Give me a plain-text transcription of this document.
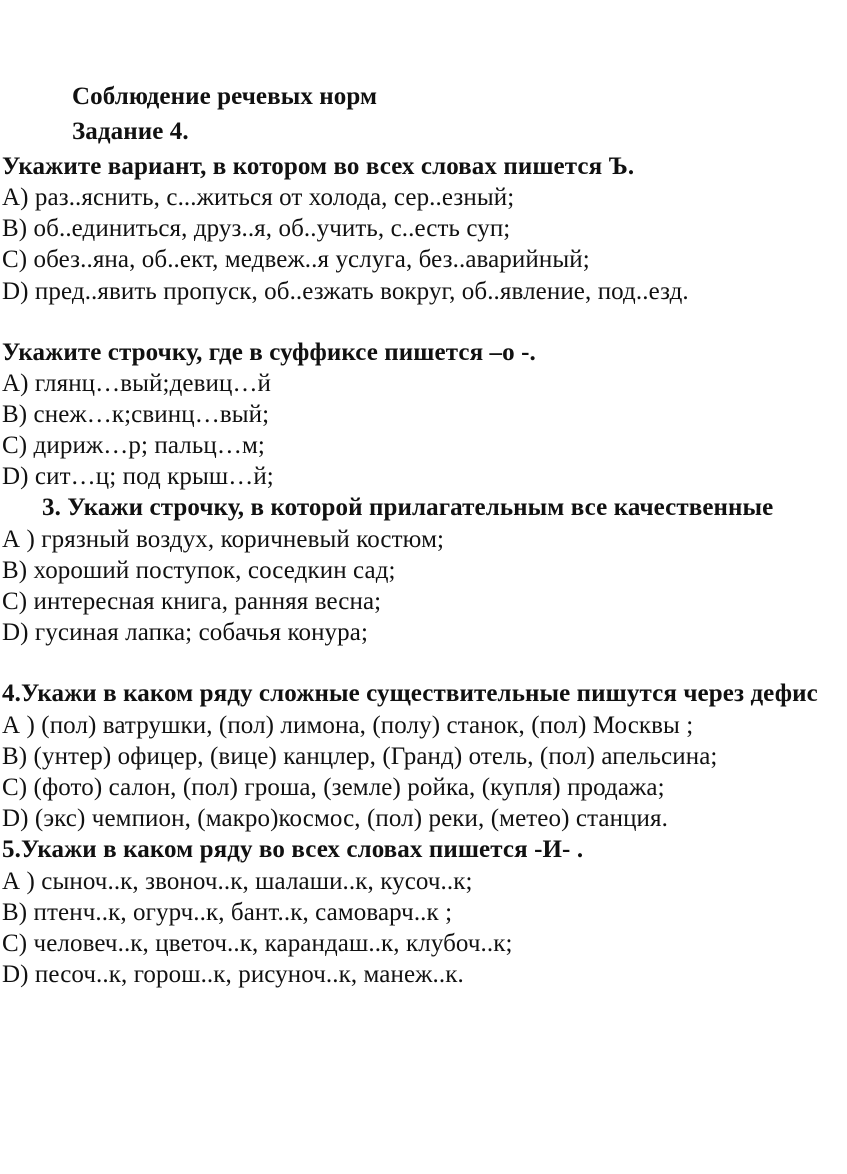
Соблюдение речевых норм
Задание 4.
Укажите вариант, в котором во всех словах пишется Ъ.
А) раз..яснить, с...житься от холода, сер..езный;
В) об..единиться, друз..я, об..учить, с..есть суп;
С) обез..яна, об..ект, медвеж..я услуга, без..аварийный;
D) пред..явить пропуск, об..езжать вокруг, об..явление, под..езд.
Укажите строчку, где в суффиксе пишется –о -.
А) глянц…вый;девиц…й
В) снеж…к;свинц…вый;
С) дириж…р; пальц…м;
D) сит…ц; под крыш…й;
3. Укажи строчку, в которой прилагательным все качественные
А ) грязный воздух, коричневый костюм;
В) хороший поступок, соседкин сад;
С) интересная книга, ранняя весна;
D) гусиная лапка; собачья конура;
4.Укажи в каком ряду сложные существительные пишутся через дефис
А ) (пол) ватрушки, (пол) лимона, (полу) станок, (пол) Москвы ;
В) (унтер) офицер, (вице) канцлер, (Гранд) отель, (пол) апельсина;
С) (фото) салон, (пол) гроша, (земле) ройка, (купля) продажа;
D) (экс) чемпион, (макро)космос, (пол) реки, (метео) станция.
5.Укажи в каком ряду во всех словах пишется -И- .
А ) сыноч..к, звоноч..к, шалаши..к, кусоч..к;
В) птенч..к, огурч..к, бант..к, самоварч..к ;
С) человеч..к, цветоч..к, карандаш..к, клубоч..к;
D) песоч..к, горош..к, рисуноч..к, манеж..к.
